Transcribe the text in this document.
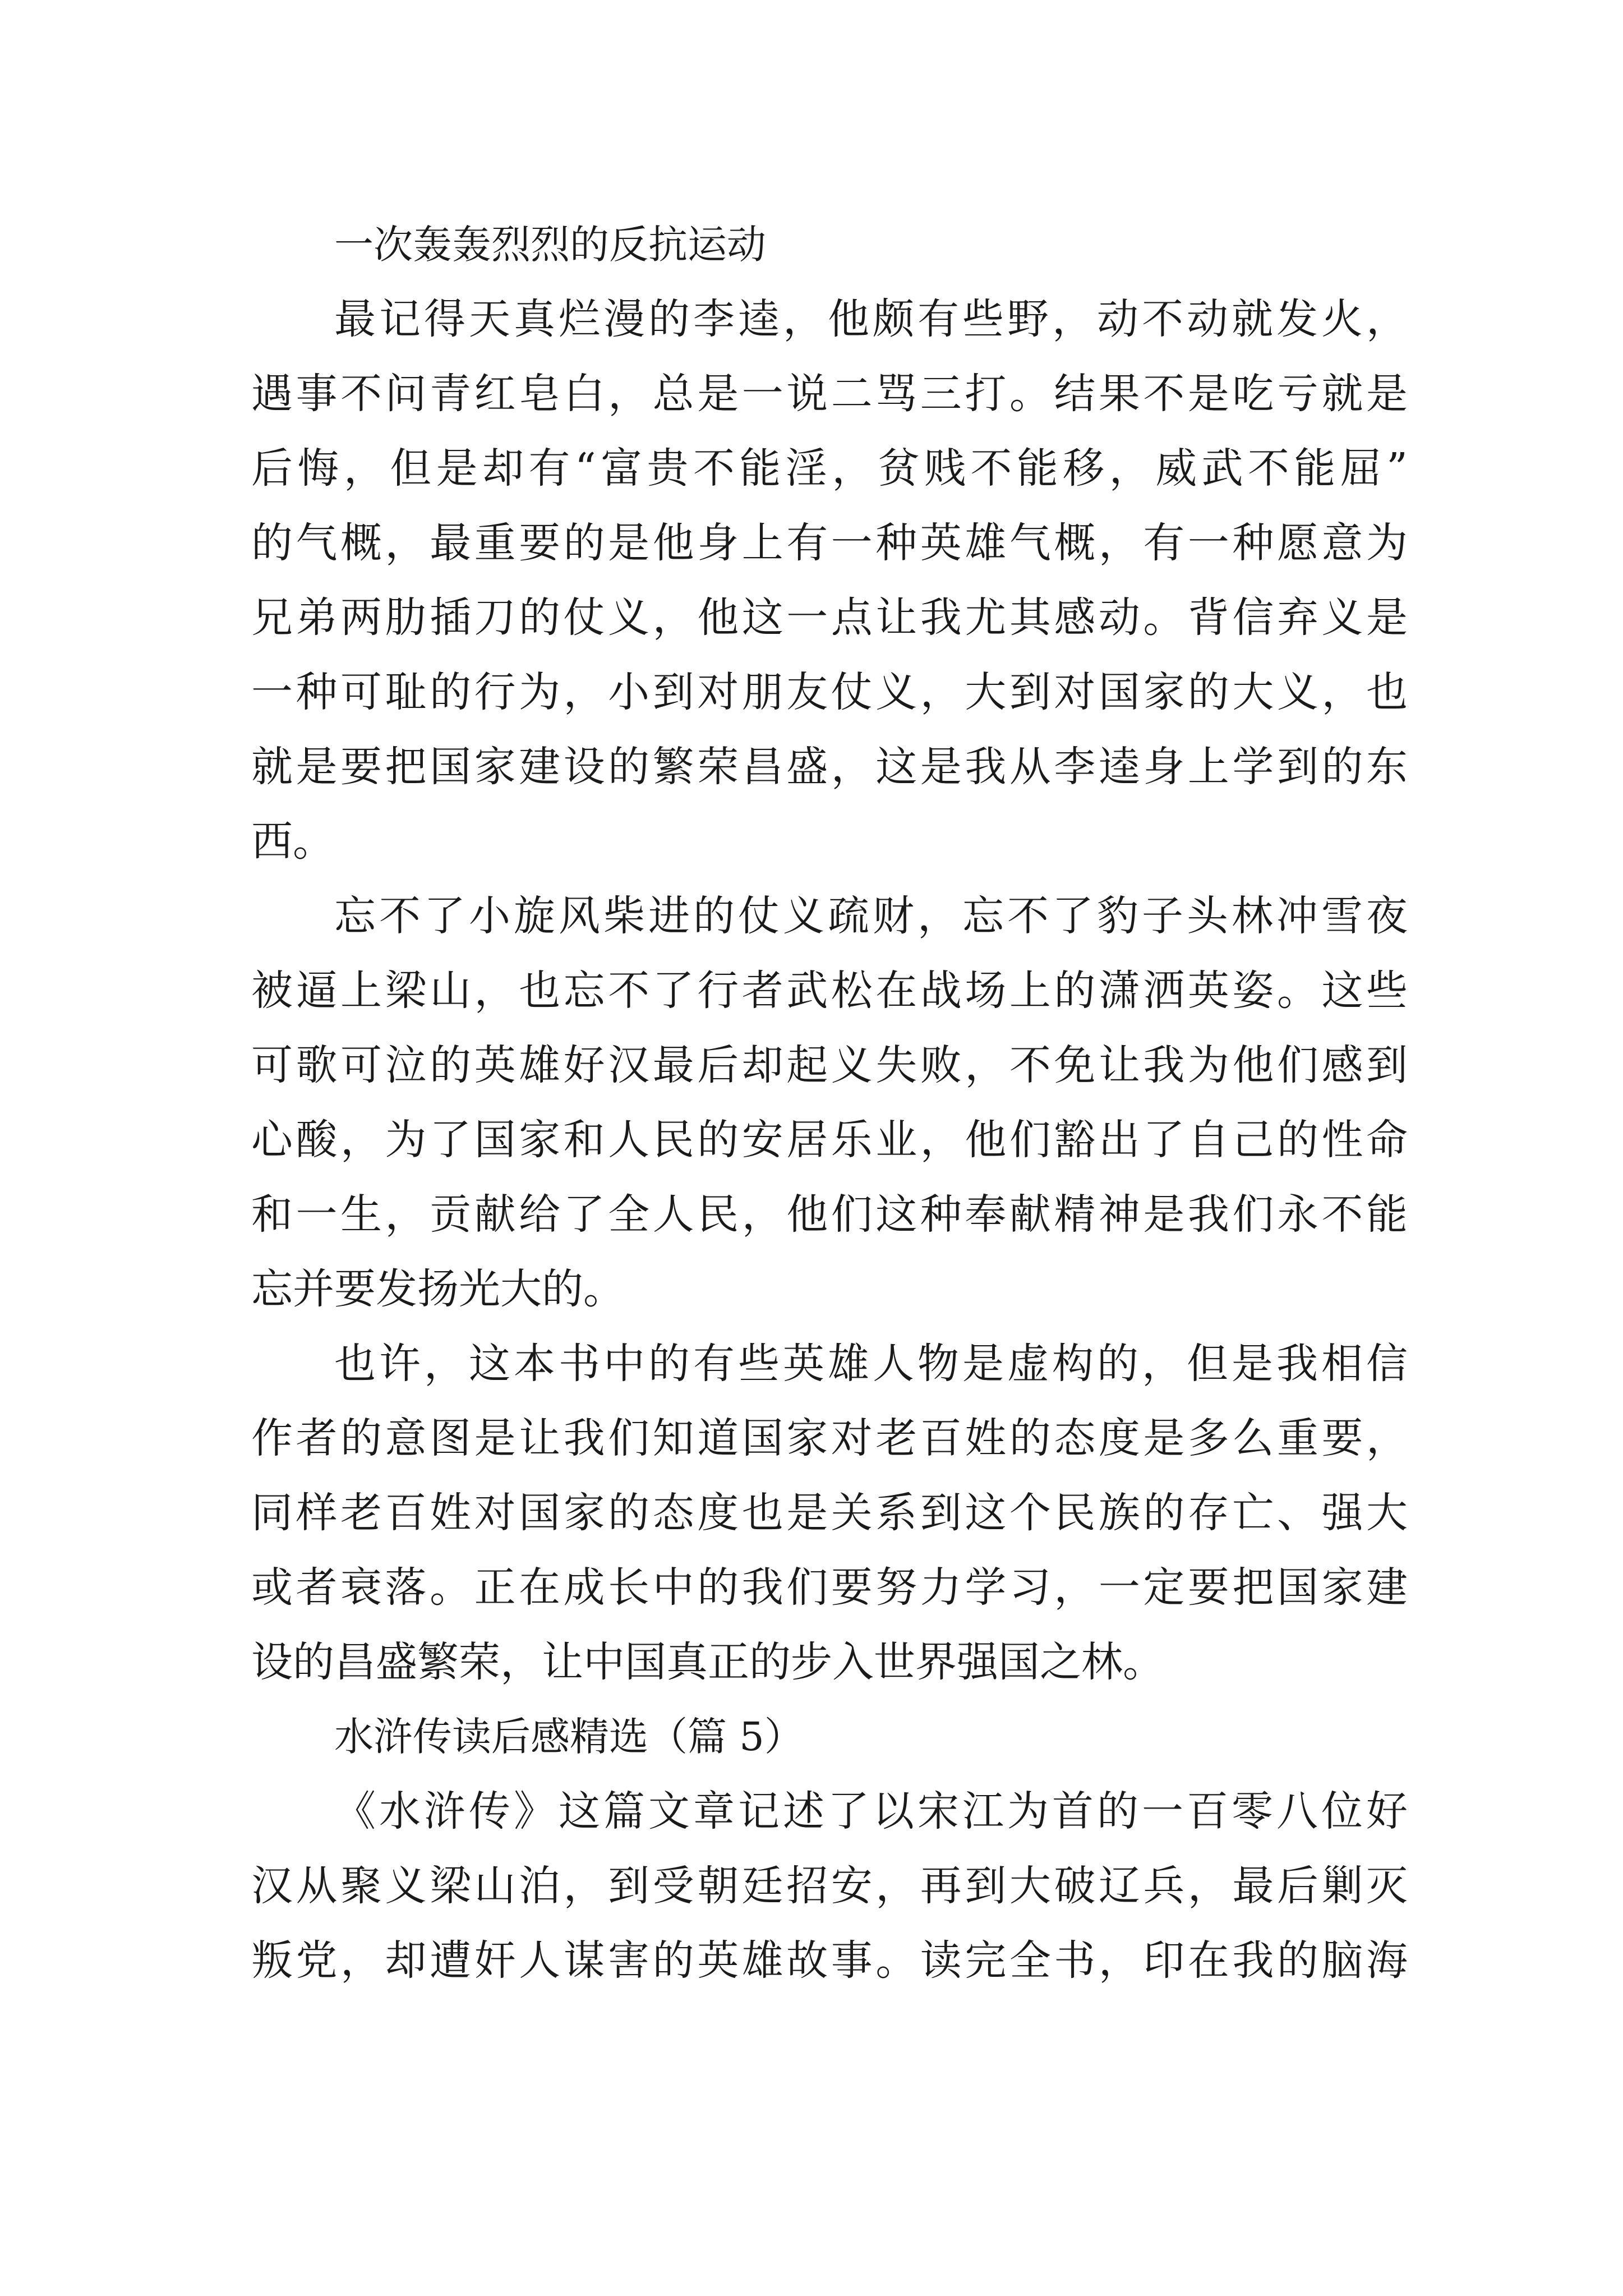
一次轰轰烈烈的反抗运动
最记得天真烂漫的李逵，他颇有些野，动不动就发火，
遇事不问青红皂白，总是一说二骂三打。结果不是吃亏就是
后悔，但是却有“富贵不能淫，贫贱不能移，威武不能屈”
的气概，最重要的是他身上有一种英雄气概，有一种愿意为
兄弟两肋插刀的仗义，他这一点让我尤其感动。背信弃义是
一种可耻的行为，小到对朋友仗义，大到对国家的大义，也
就是要把国家建设的繁荣昌盛，这是我从李逵身上学到的东
西。
忘不了小旋风柴进的仗义疏财，忘不了豹子头林冲雪夜
被逼上梁山，也忘不了行者武松在战场上的潇洒英姿。这些
可歌可泣的英雄好汉最后却起义失败，不免让我为他们感到
心酸，为了国家和人民的安居乐业，他们豁出了自己的性命
和一生，贡献给了全人民，他们这种奉献精神是我们永不能
忘并要发扬光大的。
也许，这本书中的有些英雄人物是虚构的，但是我相信
作者的意图是让我们知道国家对老百姓的态度是多么重要，
同样老百姓对国家的态度也是关系到这个民族的存亡、强大
或者衰落。正在成长中的我们要努力学习，一定要把国家建
设的昌盛繁荣，让中国真正的步入世界强国之林。
水浒传读后感精选（篇 5）
《水浒传》这篇文章记述了以宋江为首的一百零八位好
汉从聚义梁山泊，到受朝廷招安，再到大破辽兵，最后剿灭
叛党，却遭奸人谋害的英雄故事。读完全书，印在我的脑海
